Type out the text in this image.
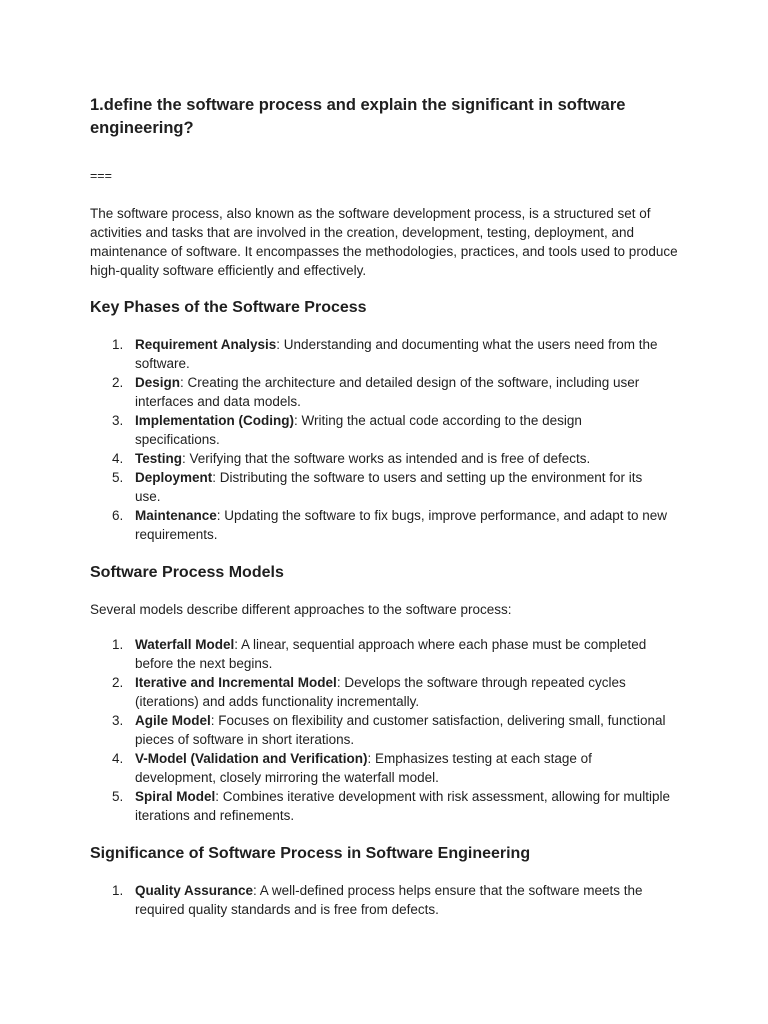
1.define the software process and explain the significant in software engineering?
===

The software process, also known as the software development process, is a structured set of activities and tasks that are involved in the creation, development, testing, deployment, and maintenance of software. It encompasses the methodologies, practices, and tools used to produce high-quality software efficiently and effectively.

Key Phases of the Software Process
1. Requirement Analysis: Understanding and documenting what the users need from the software.
2. Design: Creating the architecture and detailed design of the software, including user interfaces and data models.
3. Implementation (Coding): Writing the actual code according to the design specifications.
4. Testing: Verifying that the software works as intended and is free of defects.
5. Deployment: Distributing the software to users and setting up the environment for its use.
6. Maintenance: Updating the software to fix bugs, improve performance, and adapt to new requirements.
Software Process Models

Several models describe different approaches to the software process:

1. Waterfall Model: A linear, sequential approach where each phase must be completed before the next begins.
2. Iterative and Incremental Model: Develops the software through repeated cycles (iterations) and adds functionality incrementally.
3. Agile Model: Focuses on flexibility and customer satisfaction, delivering small, functional pieces of software in short iterations.
4. V-Model (Validation and Verification): Emphasizes testing at each stage of development, closely mirroring the waterfall model.
5. Spiral Model: Combines iterative development with risk assessment, allowing for multiple iterations and refinements.
Significance of Software Process in Software Engineering
1. Quality Assurance: A well-defined process helps ensure that the software meets the required quality standards and is free from defects.
